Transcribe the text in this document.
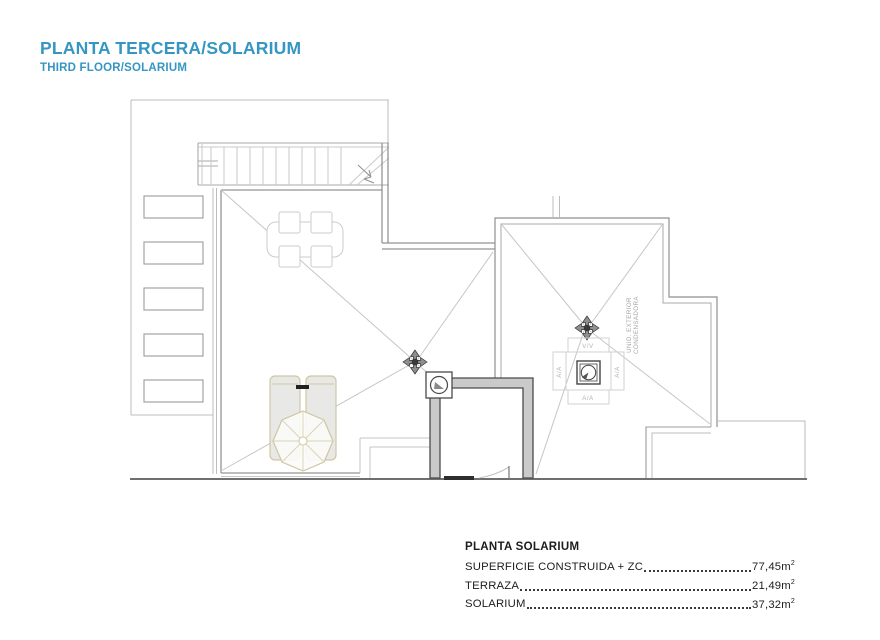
PLANTA TERCERA/SOLARIUM
THIRD FLOOR/SOLARIUM
V/V
A/A
A/A	A/A
UNID. EXTERIOR CONDENSADORA
PLANTA SOLARIUM
SUPERFICIE CONSTRUIDA + ZC	$77,45m^2$
TERRAZA	$21,49m^2$
SOLARIUM	$37,32m^2$
